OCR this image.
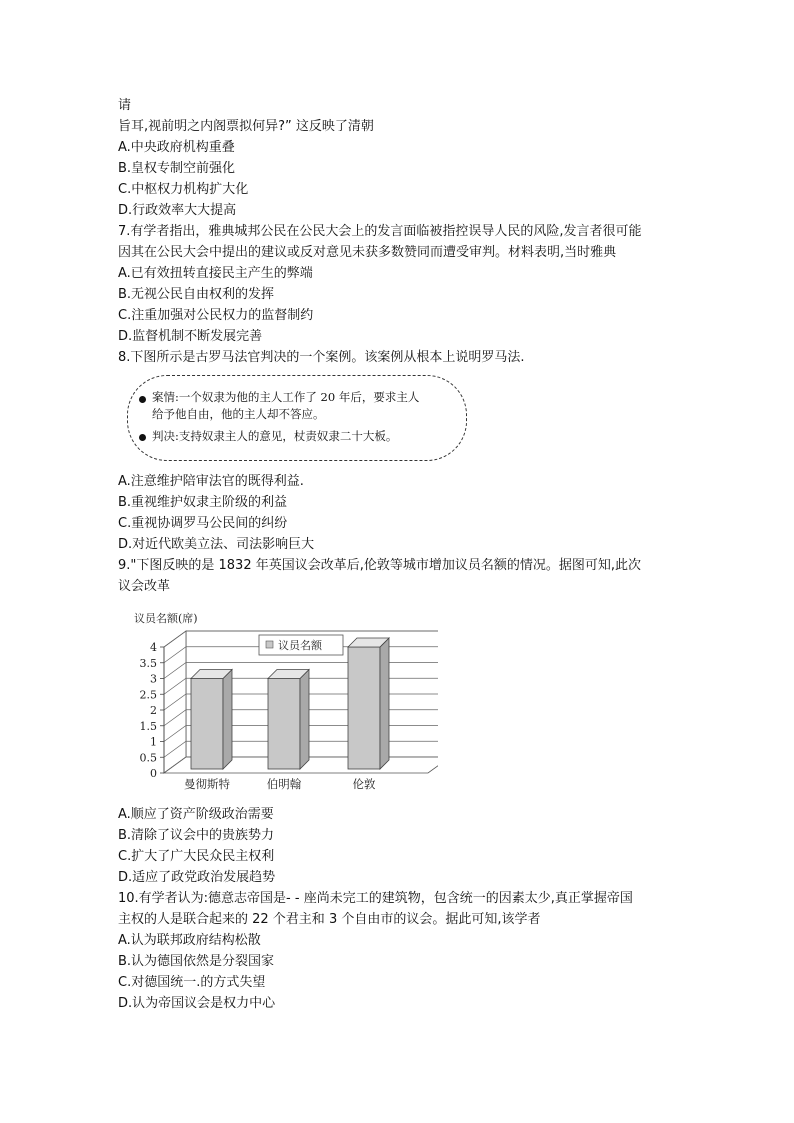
请
旨耳,视前明之内阁票拟何异?” 这反映了清朝
A.中央政府机构重叠
B.皇权专制空前强化
C.中枢权力机构扩大化
D.行政效率大大提高
7.有学者指出，雅典城邦公民在公民大会上的发言面临被指控误导人民的风险,发言者很可能
因其在公民大会中提出的建议或反对意见未获多数赞同而遭受审判。材料表明,当时雅典
A.已有效扭转直接民主产生的弊端
B.无视公民自由权利的发挥
C.注重加强对公民权力的监督制约
D.监督机制不断发展完善
8.下图所示是古罗马法官判决的一个案例。该案例从根本上说明罗马法.
案情:一个奴隶为他的主人工作了 20 年后，要求主人
给予他自由，他的主人却不答应。
判决:支持奴隶主人的意见，杖责奴隶二十大板。
A.注意维护陪审法官的既得利益.
B.重视维护奴隶主阶级的利益
C.重视协调罗马公民间的纠纷
D.对近代欧美立法、司法影响巨大
9."下图反映的是 1832 年英国议会改革后,伦敦等城市增加议员名额的情况。据图可知,此次
议会改革
议员名额(席)
0
0.5
1
1.5
2
2.5
3
3.5
4
曼彻斯特	伯明翰	伦敦
议员名额
A.顺应了资产阶级政治需要
B.清除了议会中的贵族势力
C.扩大了广大民众民主权利
D.适应了政党政治发展趋势
10.有学者认为:德意志帝国是- - 座尚未完工的建筑物，包含统一的因素太少,真正掌握帝国
主权的人是联合起来的 22 个君主和 3 个自由市的议会。据此可知,该学者
A.认为联邦政府结构松散
B.认为德国依然是分裂国家
C.对德国统一.的方式失望
D.认为帝国议会是权力中心
